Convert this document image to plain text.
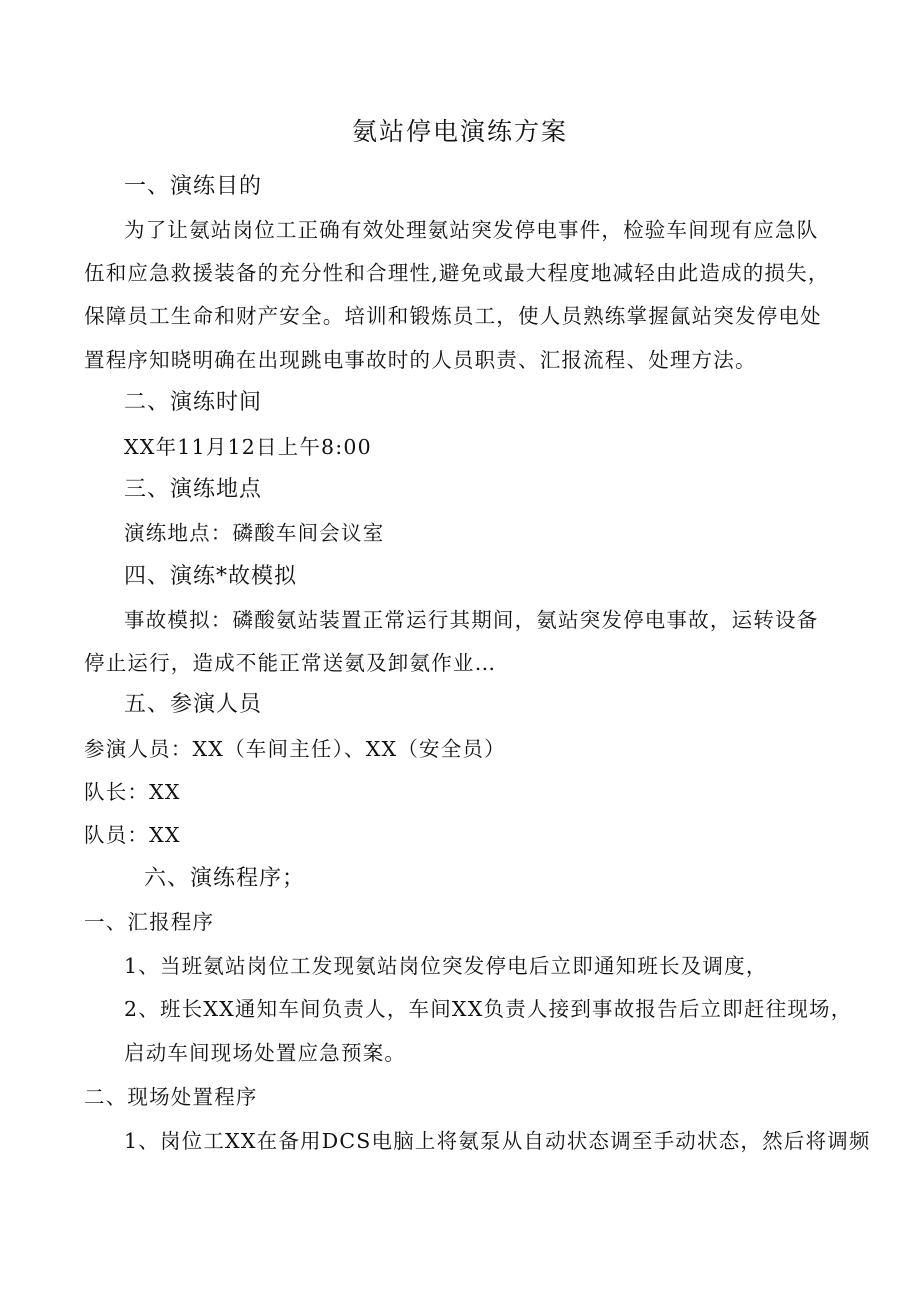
氨站停电演练方案
一、演练目的
为了让氨站岗位工正确有效处理氨站突发停电事件，检验车间现有应急队
伍和应急救援装备的充分性和合理性,避免或最大程度地减轻由此造成的损失，
保障员工生命和财产安全。培训和锻炼员工，使人员熟练掌握氤站突发停电处
置程序知晓明确在出现跳电事故时的人员职责、汇报流程、处理方法。
二、演练时间
XX年11月12日上午8:00
三、演练地点
演练地点：磷酸车间会议室
四、演练*故模拟
事故模拟：磷酸氨站装置正常运行其期间，氨站突发停电事故，运转设备
停止运行，造成不能正常送氨及卸氨作业…
五、参演人员
参演人员：XX（车间主任）、XX（安全员）
队长：XX
队员：XX
六、演练程序；
一、汇报程序
1、当班氨站岗位工发现氨站岗位突发停电后立即通知班长及调度，
2、班长XX通知车间负责人，车间XX负责人接到事故报告后立即赶往现场，
启动车间现场处置应急预案。
二、现场处置程序
1、岗位工XX在备用DCS电脑上将氨泵从自动状态调至手动状态，然后将调频
